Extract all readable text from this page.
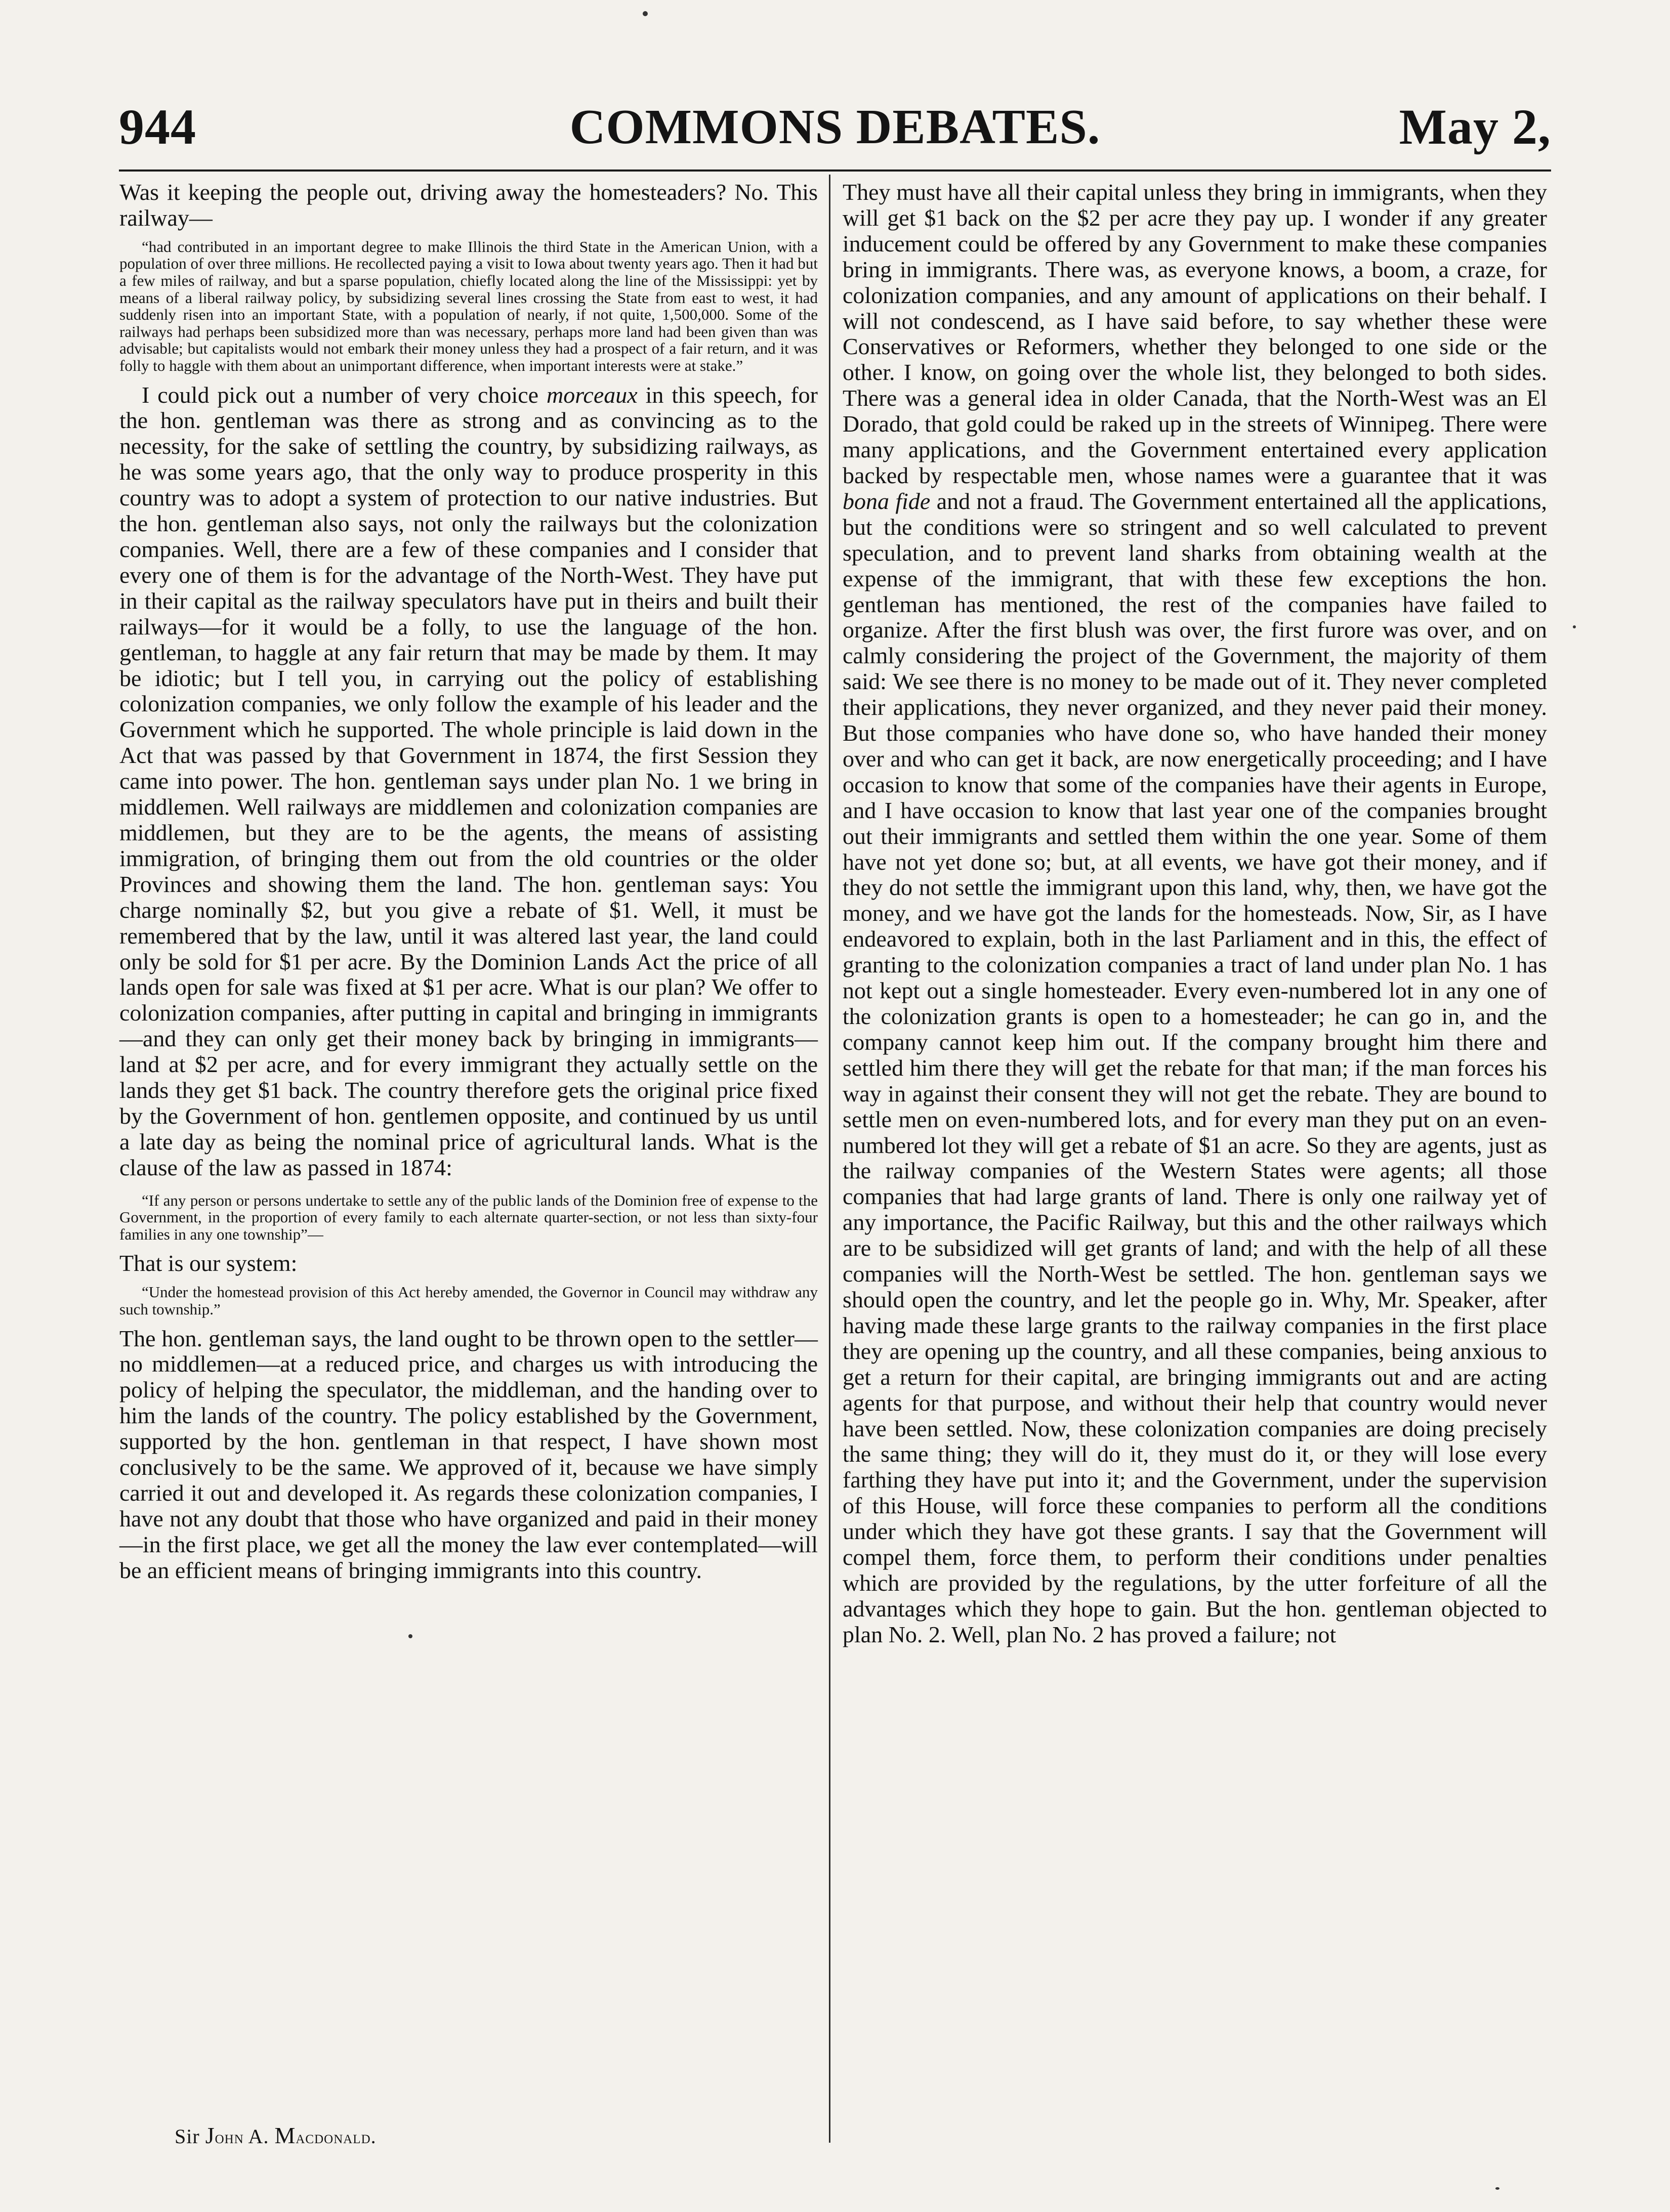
944	COMMONS DEBATES.	May 2,

Was it keeping the people out, driving away the homesteaders? No. This railway—

“had contributed in an important degree to make Illinois the third State in the American Union, with a population of over three millions. He recollected paying a visit to Iowa about twenty years ago. Then it had but a few miles of railway, and but a sparse population, chiefly located along the line of the Mississippi: yet by means of a liberal railway policy, by subsidizing several lines crossing the State from east to west, it had suddenly risen into an important State, with a population of nearly, if not quite, 1,500,000. Some of the railways had perhaps been subsidized more than was necessary, perhaps more land had been given than was advisable; but capitalists would not embark their money unless they had a prospect of a fair return, and it was folly to haggle with them about an unimportant difference, when important interests were at stake.”

I could pick out a number of very choice morceaux in this speech, for the hon. gentleman was there as strong and as convincing as to the necessity, for the sake of settling the country, by subsidizing railways, as he was some years ago, that the only way to produce prosperity in this country was to adopt a system of protection to our native industries. But the hon. gentleman also says, not only the railways but the colonization companies. Well, there are a few of these companies and I consider that every one of them is for the advantage of the North-West. They have put in their capital as the railway speculators have put in theirs and built their railways—for it would be a folly, to use the language of the hon. gentleman, to haggle at any fair return that may be made by them. It may be idiotic; but I tell you, in carrying out the policy of establishing colonization companies, we only follow the example of his leader and the Government which he supported. The whole principle is laid down in the Act that was passed by that Government in 1874, the first Session they came into power. The hon. gentleman says under plan No. 1 we bring in middlemen. Well railways are middlemen and colonization companies are middlemen, but they are to be the agents, the means of assisting immigration, of bringing them out from the old countries or the older Provinces and showing them the land. The hon. gentleman says: You charge nominally $2, but you give a rebate of $1. Well, it must be remembered that by the law, until it was altered last year, the land could only be sold for $1 per acre. By the Dominion Lands Act the price of all lands open for sale was fixed at $1 per acre. What is our plan? We offer to colonization companies, after putting in capital and bringing in immigrants—and they can only get their money back by bringing in immigrants—land at $2 per acre, and for every immigrant they actually settle on the lands they get $1 back. The country therefore gets the original price fixed by the Government of hon. gentlemen opposite, and continued by us until a late day as being the nominal price of agricultural lands. What is the clause of the law as passed in 1874:

“If any person or persons undertake to settle any of the public lands of the Dominion free of expense to the Government, in the proportion of every family to each alternate quarter-section, or not less than sixty-four families in any one township”—

That is our system:

“Under the homestead provision of this Act hereby amended, the Governor in Council may withdraw any such township.”

The hon. gentleman says, the land ought to be thrown open to the settler—no middlemen—at a reduced price, and charges us with introducing the policy of helping the speculator, the middleman, and the handing over to him the lands of the country. The policy established by the Government, supported by the hon. gentleman in that respect, I have shown most conclusively to be the same. We approved of it, because we have simply carried it out and developed it. As regards these colonization companies, I have not any doubt that those who have organized and paid in their money—in the first place, we get all the money the law ever contemplated—will be an efficient means of bringing immigrants into this country.

Sir John A. Macdonald.

They must have all their capital unless they bring in immigrants, when they will get $1 back on the $2 per acre they pay up. I wonder if any greater inducement could be offered by any Government to make these companies bring in immigrants. There was, as everyone knows, a boom, a craze, for colonization companies, and any amount of applications on their behalf. I will not condescend, as I have said before, to say whether these were Conservatives or Reformers, whether they belonged to one side or the other. I know, on going over the whole list, they belonged to both sides. There was a general idea in older Canada, that the North-West was an El Dorado, that gold could be raked up in the streets of Winnipeg. There were many applications, and the Government entertained every application backed by respectable men, whose names were a guarantee that it was bona fide and not a fraud. The Government entertained all the applications, but the conditions were so stringent and so well calculated to prevent speculation, and to prevent land sharks from obtaining wealth at the expense of the immigrant, that with these few exceptions the hon. gentleman has mentioned, the rest of the companies have failed to organize. After the first blush was over, the first furore was over, and on calmly considering the project of the Government, the majority of them said: We see there is no money to be made out of it. They never completed their applications, they never organized, and they never paid their money. But those companies who have done so, who have handed their money over and who can get it back, are now energetically proceeding; and I have occasion to know that some of the companies have their agents in Europe, and I have occasion to know that last year one of the companies brought out their immigrants and settled them within the one year. Some of them have not yet done so; but, at all events, we have got their money, and if they do not settle the immigrant upon this land, why, then, we have got the money, and we have got the lands for the homesteads. Now, Sir, as I have endeavored to explain, both in the last Parliament and in this, the effect of granting to the colonization companies a tract of land under plan No. 1 has not kept out a single homesteader. Every even-numbered lot in any one of the colonization grants is open to a homesteader; he can go in, and the company cannot keep him out. If the company brought him there and settled him there they will get the rebate for that man; if the man forces his way in against their consent they will not get the rebate. They are bound to settle men on even-numbered lots, and for every man they put on an even-numbered lot they will get a rebate of $1 an acre. So they are agents, just as the railway companies of the Western States were agents; all those companies that had large grants of land. There is only one railway yet of any importance, the Pacific Railway, but this and the other railways which are to be subsidized will get grants of land; and with the help of all these companies will the North-West be settled. The hon. gentleman says we should open the country, and let the people go in. Why, Mr. Speaker, after having made these large grants to the railway companies in the first place they are opening up the country, and all these companies, being anxious to get a return for their capital, are bringing immigrants out and are acting agents for that purpose, and without their help that country would never have been settled. Now, these colonization companies are doing precisely the same thing; they will do it, they must do it, or they will lose every farthing they have put into it; and the Government, under the supervision of this House, will force these companies to perform all the conditions under which they have got these grants. I say that the Government will compel them, force them, to perform their conditions under penalties which are provided by the regulations, by the utter forfeiture of all the advantages which they hope to gain. But the hon. gentleman objected to plan No. 2. Well, plan No. 2 has proved a failure; not
